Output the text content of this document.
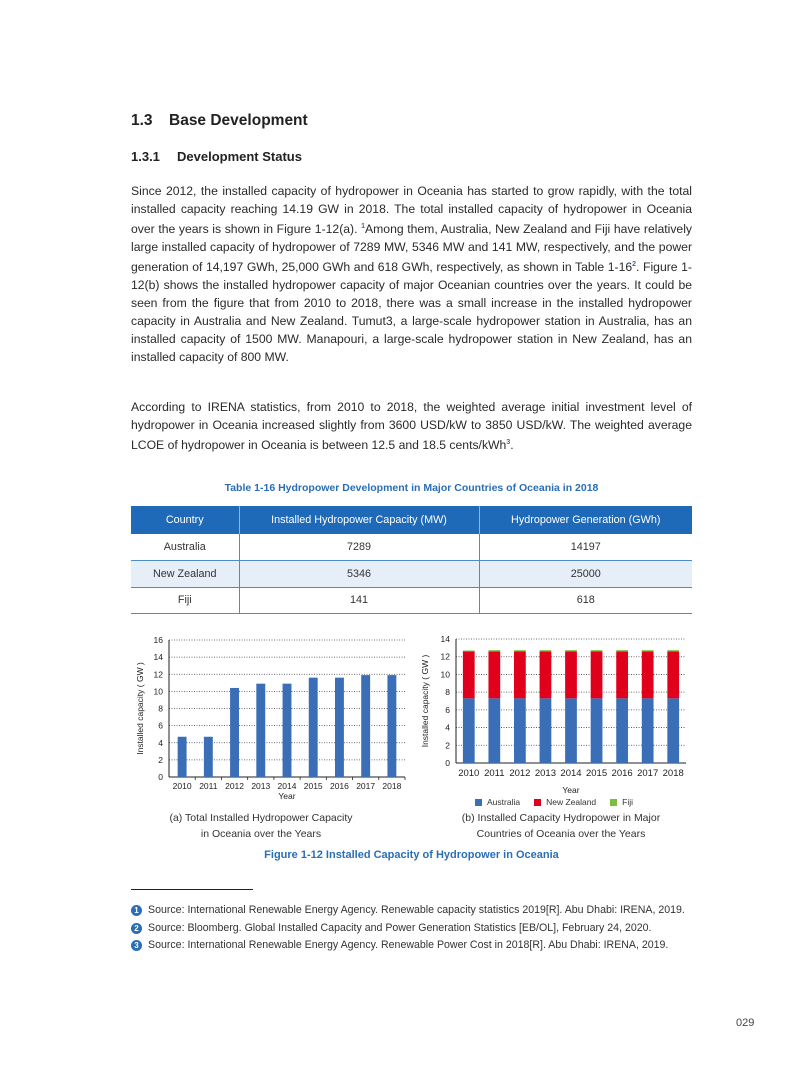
1.3 Base Development
1.3.1 Development Status

Since 2012, the installed capacity of hydropower in Oceania has started to grow rapidly, with the total installed capacity reaching 14.19 GW in 2018. The total installed capacity of hydropower in Oceania over the years is shown in Figure 1-12(a). $^1$Among them, Australia, New Zealand and Fiji have relatively large installed capacity of hydropower of 7289 MW, 5346 MW and 141 MW, respectively, and the power generation of 14,197 GWh, 25,000 GWh and 618 GWh, respectively, as shown in Table 1-16$^2$. Figure 1-12(b) shows the installed hydropower capacity of major Oceanian countries over the years. It could be seen from the figure that from 2010 to 2018, there was a small increase in the installed hydropower capacity in Australia and New Zealand. Tumut3, a large-scale hydropower station in Australia, has an installed capacity of 1500 MW. Manapouri, a large-scale hydropower station in New Zealand, has an installed capacity of 800 MW.

According to IRENA statistics, from 2010 to 2018, the weighted average initial investment level of hydropower in Oceania increased slightly from 3600 USD/kW to 3850 USD/kW. The weighted average LCOE of hydropower in Oceania is between 12.5 and 18.5 cents/kWh$^3$.

Table 1-16 Hydropower Development in Major Countries of Oceania in 2018
Country	Installed Hydropower Capacity (MW)	Hydropower Generation (GWh)
Australia	7289	14197
New Zealand	5346	25000
Fiji	141	618
0
2
4
6
8
10
12
14
16
2010 2011 2012 2013 2014 2015 2016 2017 2018
Year
Installed capacity ( GW )
0
2
4
6
8
10
12
14
2010 2011 2012 2013 2014 2015 2016 2017 2018
Year
Installed capacity ( GW )
Australia	New Zealand	Fiji
(a) Total Installed Hydropower Capacity
in Oceania over the Years
(b) Installed Capacity Hydropower in Major
Countries of Oceania over the Years
Figure 1-12 Installed Capacity of Hydropower in Oceania
1 Source: International Renewable Energy Agency. Renewable capacity statistics 2019[R]. Abu Dhabi: IRENA, 2019.
2 Source: Bloomberg. Global Installed Capacity and Power Generation Statistics [EB/OL], February 24, 2020.
3 Source: International Renewable Energy Agency. Renewable Power Cost in 2018[R]. Abu Dhabi: IRENA, 2019.
029
